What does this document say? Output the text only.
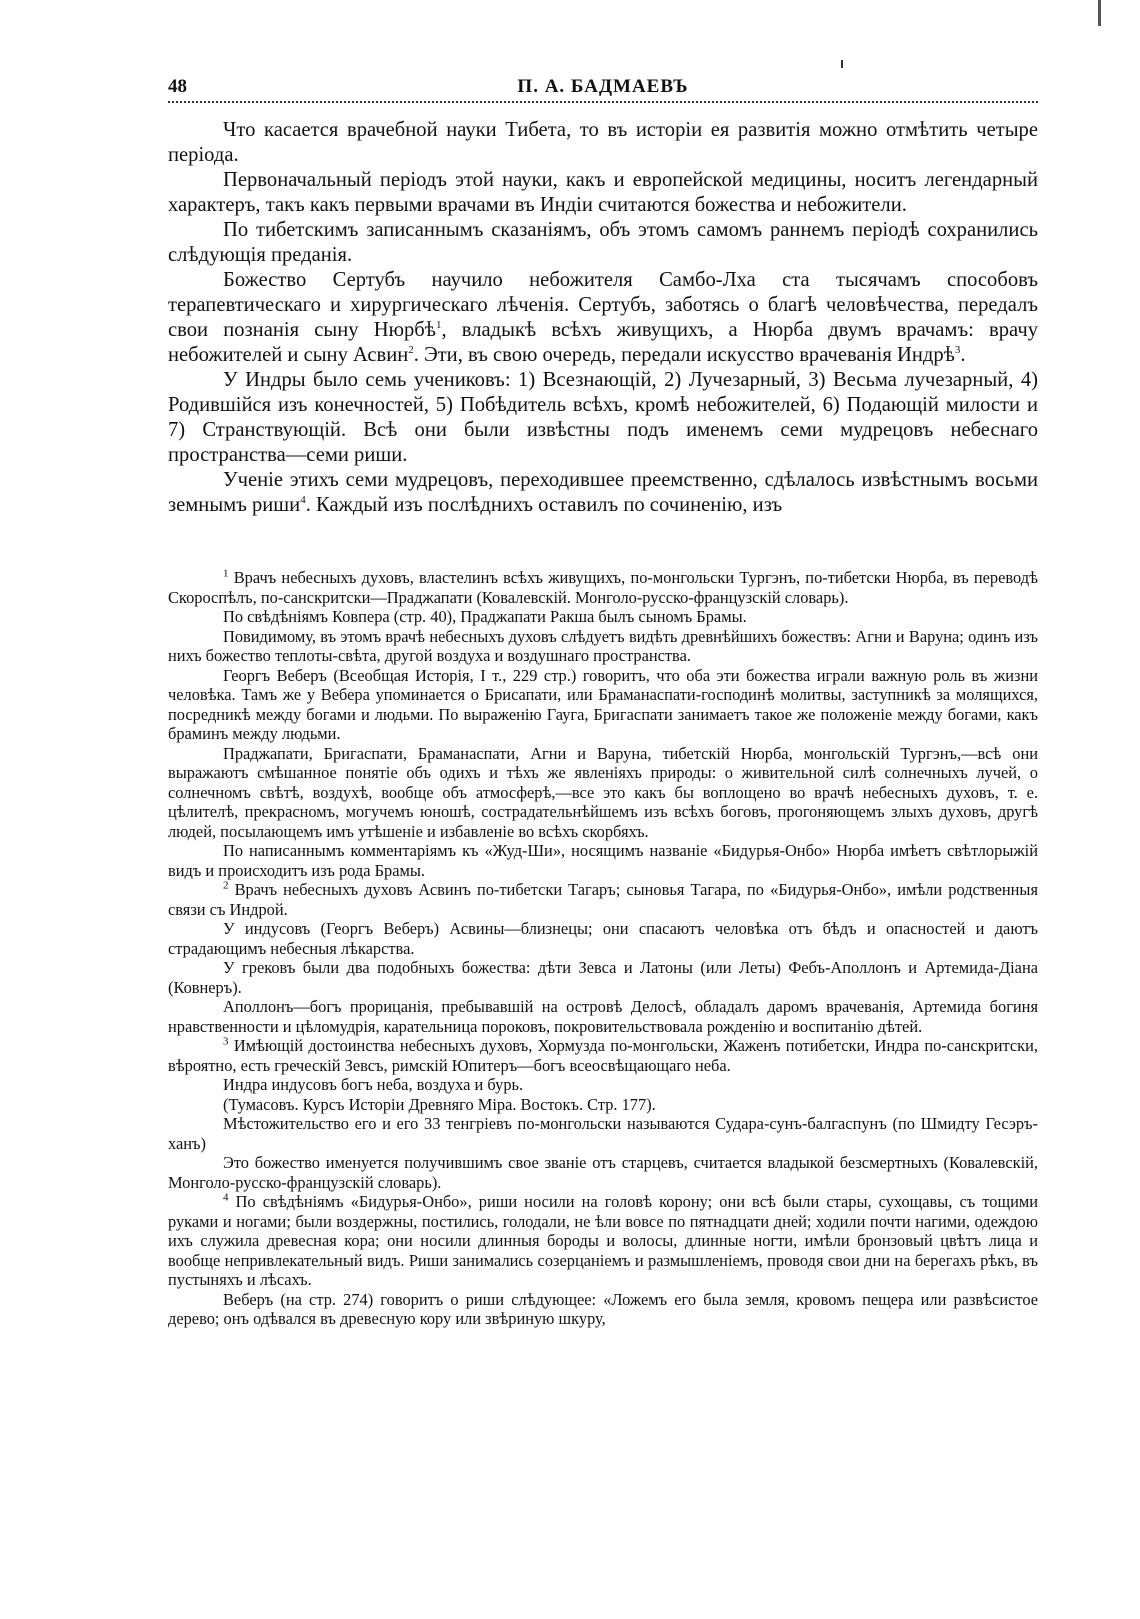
48	П. А. БАДМАЕВЪ

Что касается врачебной науки Тибета, то въ исторіи ея развитія можно отмѣтить четыре періода.

Первоначальный періодъ этой науки, какъ и европейской медицины, носитъ легендарный характеръ, такъ какъ первыми врачами въ Индіи считаются божества и небожители.

По тибетскимъ записаннымъ сказаніямъ, объ этомъ самомъ раннемъ періодѣ сохранились слѣдующія преданія.

Божество Сертубъ научило небожителя Самбо-Лха ста тысячамъ способовъ терапевтическаго и хирургическаго лѣченія. Сертубъ, заботясь о благѣ человѣчества, передалъ свои познанія сыну Нюрбѣ$^1$, владыкѣ всѣхъ живущихъ, а Нюрба двумъ врачамъ: врачу небожителей и сыну Асвин$^2$. Эти, въ свою очередь, передали искусство врачеванія Индрѣ$^3$.

У Индры было семь учениковъ: 1) Всезнающій, 2) Лучезарный, 3) Весьма лучезарный, 4) Родившійся изъ конечностей, 5) Побѣдитель всѣхъ, кромѣ небожителей, 6) Подающій милости и 7) Странствующій. Всѣ они были извѣстны подъ именемъ семи мудрецовъ небеснаго пространства—семи риши.

Ученіе этихъ семи мудрецовъ, переходившее преемственно, сдѣлалось извѣстнымъ восьми земнымъ риши$^4$. Каждый изъ послѣднихъ оставилъ по сочиненію, изъ

$^1$ Врачъ небесныхъ духовъ, властелинъ всѣхъ живущихъ, по-монгольски Тургэнъ, по-тибетски Нюрба, въ переводѣ Скороспѣлъ, по-санскритски—Праджапати (Ковалевскій. Монголо-русско-французскій словарь).

По свѣдѣніямъ Ковпера (стр. 40), Праджапати Ракша былъ сыномъ Брамы.

Повидимому, въ этомъ врачѣ небесныхъ духовъ слѣдуетъ видѣть древнѣйшихъ божествъ: Агни и Варуна; одинъ изъ нихъ божество теплоты-свѣта, другой воздуха и воздушнаго пространства.

Георгъ Веберъ (Всеобщая Исторія, I т., 229 стр.) говоритъ, что оба эти божества играли важную роль въ жизни человѣка. Тамъ же у Вебера упоминается о Брисапати, или Браманаспати-господинѣ молитвы, заступникѣ за молящихся, посредникѣ между богами и людьми. По выраженію Гауга, Бригаспати занимаетъ такое же положеніе между богами, какъ браминъ между людьми.

Праджапати, Бригаспати, Браманаспати, Агни и Варуна, тибетскій Нюрба, монгольскій Тургэнъ,—всѣ они выражаютъ смѣшанное понятіе объ одихъ и тѣхъ же явленіяхъ природы: о живительной силѣ солнечныхъ лучей, о солнечномъ свѣтѣ, воздухѣ, вообще объ атмосферѣ,—все это какъ бы воплощено во врачѣ небесныхъ духовъ, т. е. цѣлителѣ, прекрасномъ, могучемъ юношѣ, сострадательнѣйшемъ изъ всѣхъ боговъ, прогоняющемъ злыхъ духовъ, другѣ людей, посылающемъ имъ утѣшеніе и избавленіе во всѣхъ скорбяхъ.

По написаннымъ комментаріямъ къ «Жуд-Ши», носящимъ названіе «Бидурья-Онбо» Нюрба имѣетъ свѣтлорыжій видъ и происходитъ изъ рода Брамы.

$^2$ Врачъ небесныхъ духовъ Асвинъ по-тибетски Тагаръ; сыновья Тагара, по «Бидурья-Онбо», имѣли родственныя связи съ Индрой.

У индусовъ (Георгъ Веберъ) Асвины—близнецы; они спасаютъ человѣка отъ бѣдъ и опасностей и даютъ страдающимъ небесныя лѣкарства.

У грековъ были два подобныхъ божества: дѣти Зевса и Латоны (или Леты) Фебъ-Аполлонъ и Артемида-Діана (Ковнеръ).

Аполлонъ—богъ прорицанія, пребывавшій на островѣ Делосѣ, обладалъ даромъ врачеванія, Артемида богиня нравственности и цѣломудрія, карательница пороковъ, покровительствовала рожденію и воспитанію дѣтей.

$^3$ Имѣющій достоинства небесныхъ духовъ, Хормузда по-монгольски, Жаженъ потибетски, Индра по-санскритски, вѣроятно, есть греческій Зевсъ, римскій Юпитеръ—богъ всеосвѣщающаго неба.

Индра индусовъ богъ неба, воздуха и бурь.

(Тумасовъ. Курсъ Исторіи Древняго Міра. Востокъ. Стр. 177).

Мѣстожительство его и его 33 тенгріевъ по-монгольски называются Судара-сунъ-балгаспунъ (по Шмидту Гесэръ-ханъ)

Это божество именуется получившимъ свое званіе отъ старцевъ, считается владыкой безсмертныхъ (Ковалевскій, Монголо-русско-французскій словарь).

$^4$ По свѣдѣніямъ «Бидурья-Онбо», риши носили на головѣ корону; они всѣ были стары, сухощавы, съ тощими руками и ногами; были воздержны, постились, голодали, не ѣли вовсе по пятнадцати дней; ходили почти нагими, одеждою ихъ служила древесная кора; они носили длинныя бороды и волосы, длинные ногти, имѣли бронзовый цвѣтъ лица и вообще непривлекательный видъ. Риши занимались созерцаніемъ и размышленіемъ, проводя свои дни на берегахъ рѣкъ, въ пустыняхъ и лѣсахъ.

Веберъ (на стр. 274) говоритъ о риши слѣдующее: «Ложемъ его была земля, кровомъ пещера или развѣсистое дерево; онъ одѣвался въ древесную кору или звѣриную шкуру,
